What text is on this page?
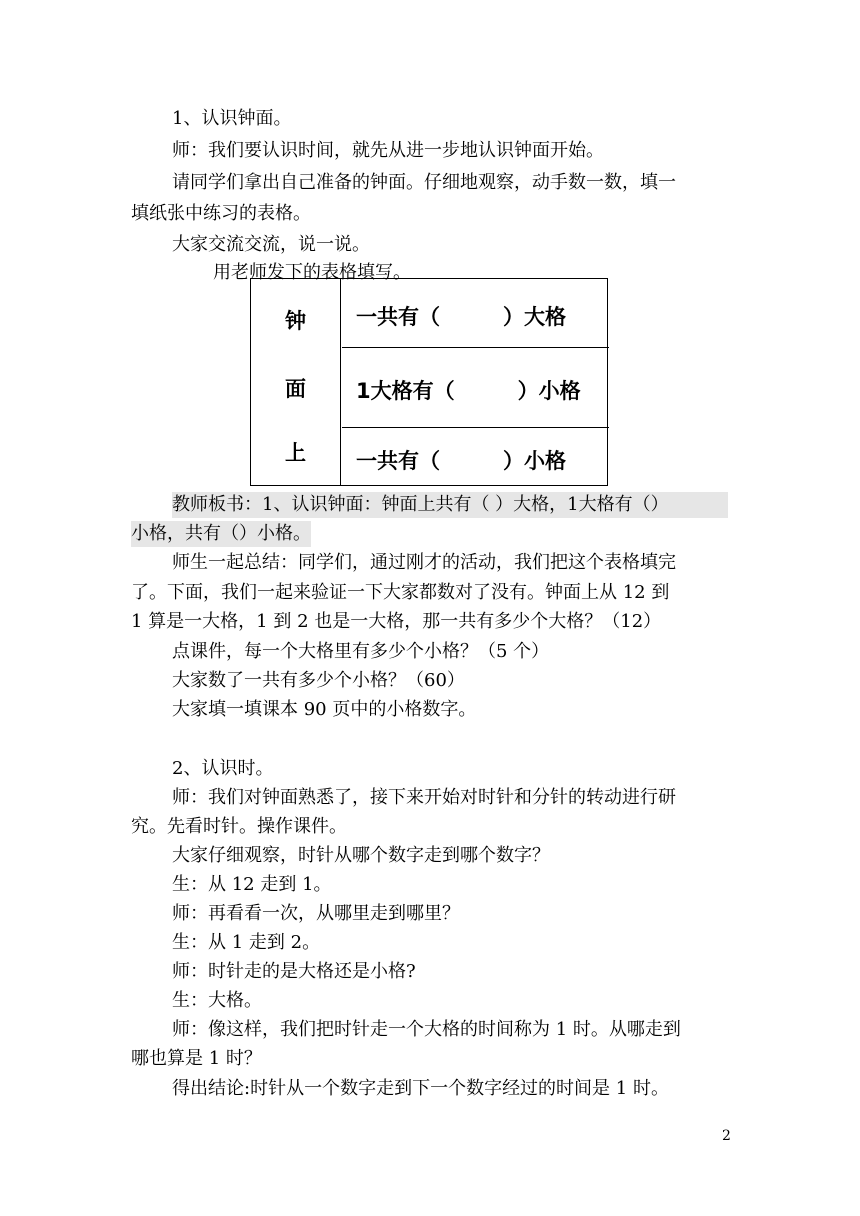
1、认识钟面。
师：我们要认识时间，就先从进一步地认识钟面开始。
请同学们拿出自己准备的钟面。仔细地观察，动手数一数，填一
填纸张中练习的表格。
大家交流交流，说一说。
用老师发下的表格填写。
钟
面
上
一共有（　　　）大格
1大格有（　　　）小格
一共有（　　　）小格
教师板书：1、认识钟面：钟面上共有（ ）大格，1大格有（）
小格，共有（）小格。
师生一起总结：同学们，通过刚才的活动，我们把这个表格填完
了。下面，我们一起来验证一下大家都数对了没有。钟面上从 12 到
1 算是一大格，1 到 2 也是一大格，那一共有多少个大格？（12）
点课件，每一个大格里有多少个小格？（5 个）
大家数了一共有多少个小格？（60）
大家填一填课本 90 页中的小格数字。
2、认识时。
师：我们对钟面熟悉了，接下来开始对时针和分针的转动进行研
究。先看时针。操作课件。
大家仔细观察，时针从哪个数字走到哪个数字？
生：从 12 走到 1。
师：再看看一次，从哪里走到哪里？
生：从 1 走到 2。
师：时针走的是大格还是小格?
生：大格。
师：像这样，我们把时针走一个大格的时间称为 1 时。从哪走到
哪也算是 1 时？
得出结论:时针从一个数字走到下一个数字经过的时间是 1 时。
2
